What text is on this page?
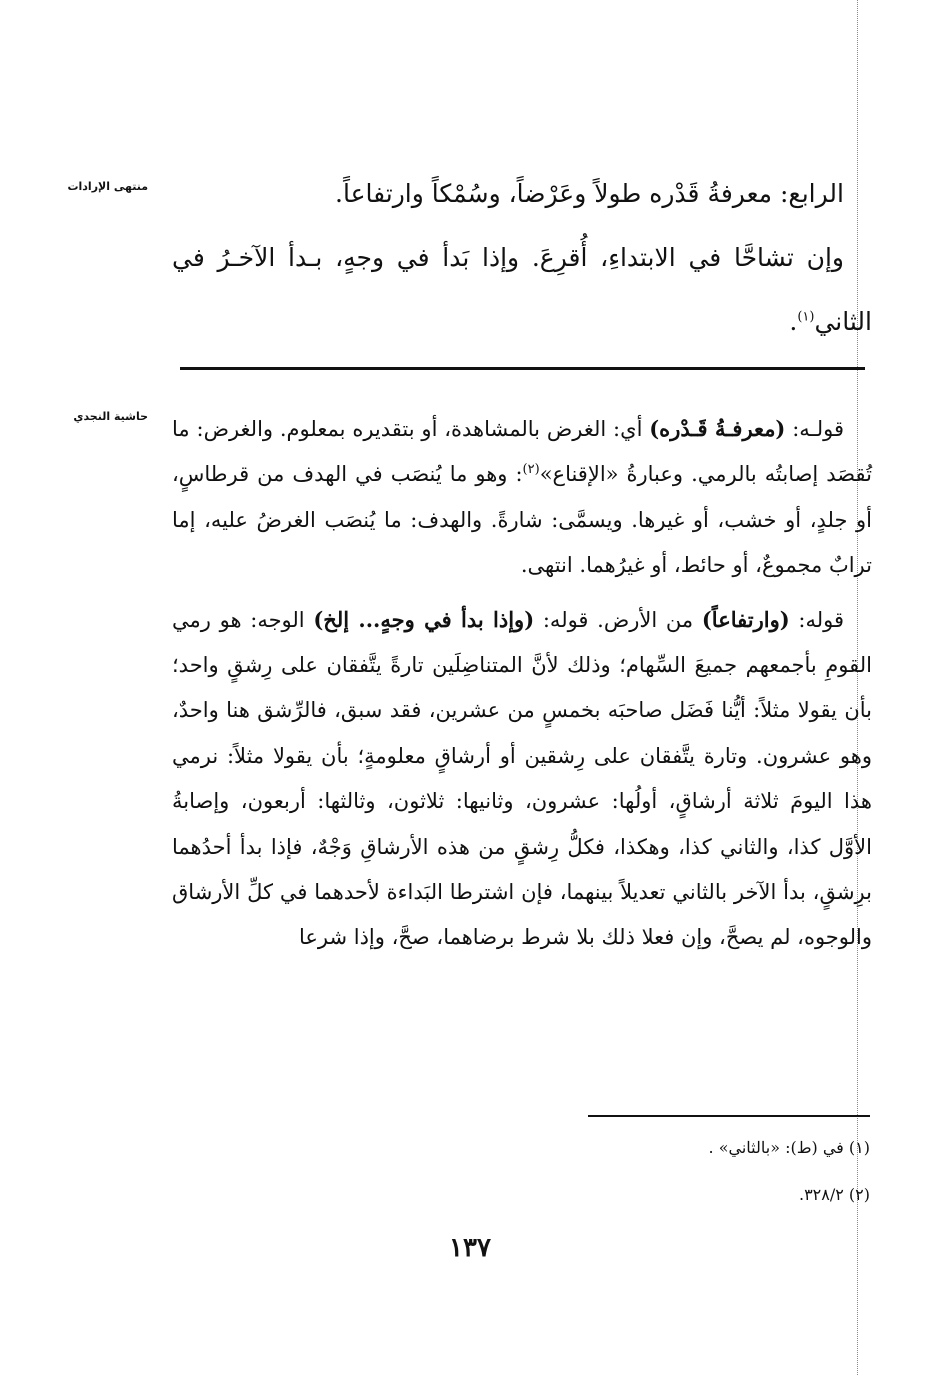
منتهى الإرادات
حاشية النجدي

الرابع: معرفةُ قَدْره طولاً وعَرْضاً، وسُمْكاً وارتفاعاً.

وإن تشاحَّا في الابتداءِ، أُقرِعَ. وإذا بَدأ في وجهٍ، بـدأ الآخـرُ في الثاني$^{(١)}$.

قولـه: (معرفـةُ قَـدْره) أي: الغرض بالمشاهدة، أو بتقديره بمعلوم. والغرض: ما تُقصَد إصابتُه بالرمي. وعبارةُ «الإقناع»$^{(٢)}$: وهو ما يُنصَب في الهدف من قرطاسٍ، أو جلدٍ، أو خشب، أو غيرها. ويسمَّى: شارةً. والهدف: ما يُنصَب الغرضُ عليه، إما ترابٌ مجموعٌ، أو حائط، أو غيرُهما. انتهى.

قوله: (وارتفاعاً) من الأرض. قوله: (وإذا بدأ في وجهٍ... إلخ) الوجه: هو رمي القومِ بأجمعهم جميعَ السِّهام؛ وذلك لأنَّ المتناضِلَين تارةً يتَّفقان على رِشقٍ واحد؛ بأن يقولا مثلاً: أيُّنا فَضَل صاحبَه بخمسٍ من عشرين، فقد سبق، فالرِّشق هنا واحدٌ، وهو عشرون. وتارة يتَّفقان على رِشقين أو أرشاقٍ معلومةٍ؛ بأن يقولا مثلاً: نرمي هذا اليومَ ثلاثة أرشاقٍ، أولُها: عشرون، وثانيها: ثلاثون، وثالثها: أربعون، وإصابةُ الأوَّل كذا، والثاني كذا، وهكذا، فكلُّ رِشقٍ من هذه الأرشاقِ وَجْهٌ، فإذا بدأ أحدُهما برِشقٍ، بدأ الآخر بالثاني تعديلاً بينهما، فإن اشترطا البَداءة لأحدهما في كلِّ الأرشاق والوجوه، لم يصحَّ، وإن فعلا ذلك بلا شرط برضاهما، صحَّ، وإذا شرعا

(١) في (ط): «بالثاني» .
(٢) ٣٢٨/٢.
١٣٧
